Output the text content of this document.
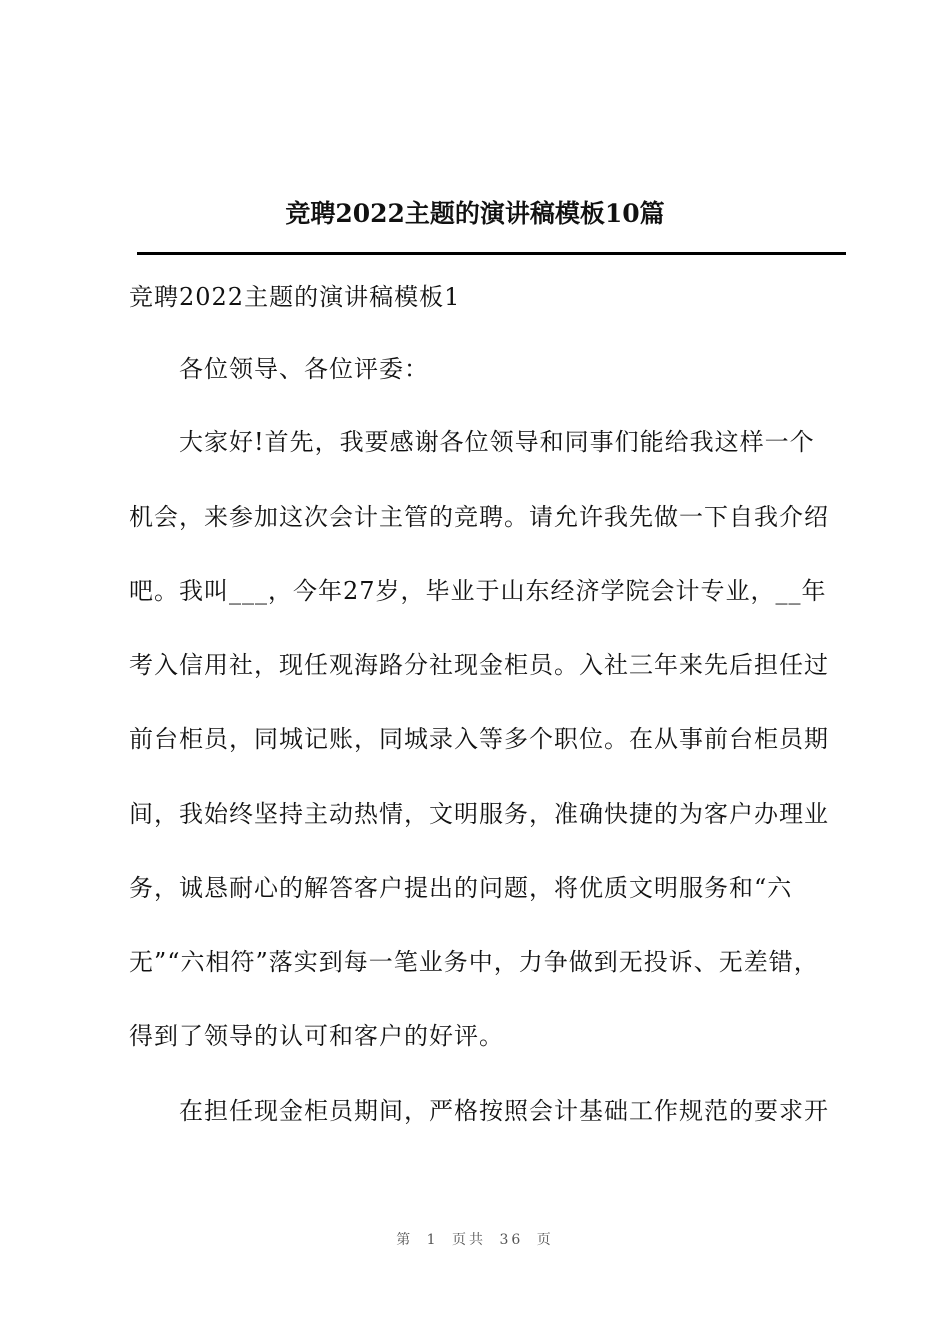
竞聘2022主题的演讲稿模板10篇
竞聘2022主题的演讲稿模板1
各位领导、各位评委：
大家好!首先，我要感谢各位领导和同事们能给我这样一个
机会，来参加这次会计主管的竞聘。请允许我先做一下自我介绍
吧。我叫___，今年27岁，毕业于山东经济学院会计专业，__年
考入信用社，现任观海路分社现金柜员。入社三年来先后担任过
前台柜员，同城记账，同城录入等多个职位。在从事前台柜员期
间，我始终坚持主动热情，文明服务，准确快捷的为客户办理业
务，诚恳耐心的解答客户提出的问题，将优质文明服务和“六
无”“六相符”落实到每一笔业务中，力争做到无投诉、无差错，
得到了领导的认可和客户的好评。
在担任现金柜员期间，严格按照会计基础工作规范的要求开
第 1 页共 36 页
